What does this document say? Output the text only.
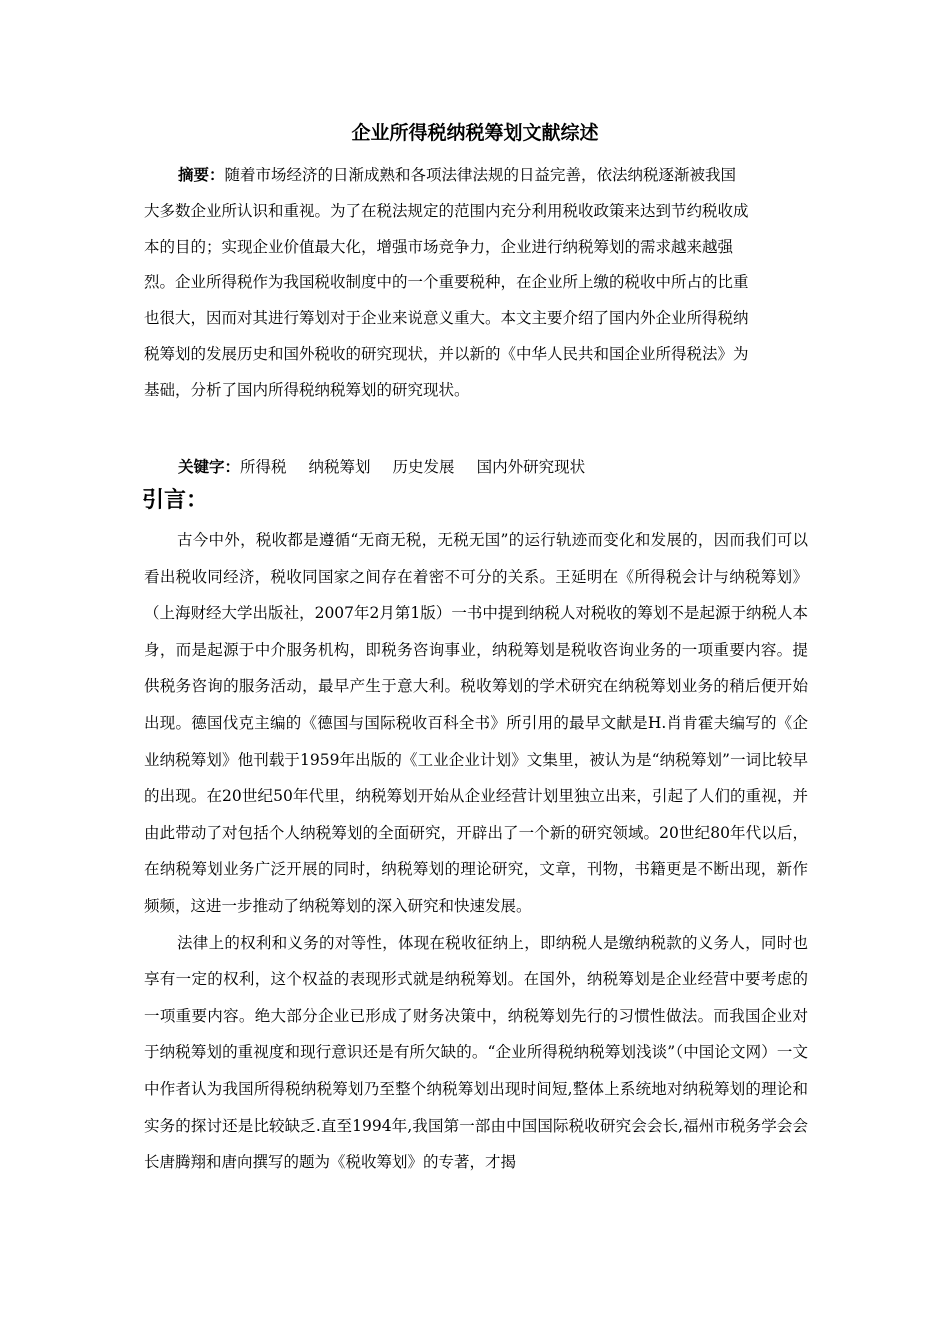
企业所得税纳税筹划文献综述

摘要：随着市场经济的日渐成熟和各项法律法规的日益完善，依法纳税逐渐被我国大多数企业所认识和重视。为了在税法规定的范围内充分利用税收政策来达到节约税收成本的目的；实现企业价值最大化，增强市场竞争力，企业进行纳税筹划的需求越来越强烈。企业所得税作为我国税收制度中的一个重要税种，在企业所上缴的税收中所占的比重也很大，因而对其进行筹划对于企业来说意义重大。本文主要介绍了国内外企业所得税纳税筹划的发展历史和国外税收的研究现状，并以新的《中华人民共和国企业所得税法》为基础，分析了国内所得税纳税筹划的研究现状。

关键字：所得税 纳税筹划 历史发展 国内外研究现状

引言：

古今中外，税收都是遵循“无商无税，无税无国”的运行轨迹而变化和发展的，因而我们可以看出税收同经济，税收同国家之间存在着密不可分的关系。王延明在《所得税会计与纳税筹划》（上海财经大学出版社，2007年2月第1版）一书中提到纳税人对税收的筹划不是起源于纳税人本身，而是起源于中介服务机构，即税务咨询事业，纳税筹划是税收咨询业务的一项重要内容。提供税务咨询的服务活动，最早产生于意大利。税收筹划的学术研究在纳税筹划业务的稍后便开始出现。德国伐克主编的《德国与国际税收百科全书》所引用的最早文献是H.肖肯霍夫编写的《企业纳税筹划》他刊载于1959年出版的《工业企业计划》文集里，被认为是“纳税筹划”一词比较早的出现。在20世纪50年代里，纳税筹划开始从企业经营计划里独立出来，引起了人们的重视，并由此带动了对包括个人纳税筹划的全面研究，开辟出了一个新的研究领域。20世纪80年代以后，在纳税筹划业务广泛开展的同时，纳税筹划的理论研究，文章，刊物，书籍更是不断出现，新作频频，这进一步推动了纳税筹划的深入研究和快速发展。

法律上的权利和义务的对等性，体现在税收征纳上，即纳税人是缴纳税款的义务人，同时也享有一定的权利，这个权益的表现形式就是纳税筹划。在国外，纳税筹划是企业经营中要考虑的一项重要内容。绝大部分企业已形成了财务决策中，纳税筹划先行的习惯性做法。而我国企业对于纳税筹划的重视度和现行意识还是有所欠缺的。“企业所得税纳税筹划浅谈”（中国论文网）一文中作者认为我国所得税纳税筹划乃至整个纳税筹划出现时间短,整体上系统地对纳税筹划的理论和实务的探讨还是比较缺乏.直至1994年,我国第一部由中国国际税收研究会会长,福州市税务学会会长唐腾翔和唐向撰写的题为《税收筹划》的专著，才揭
